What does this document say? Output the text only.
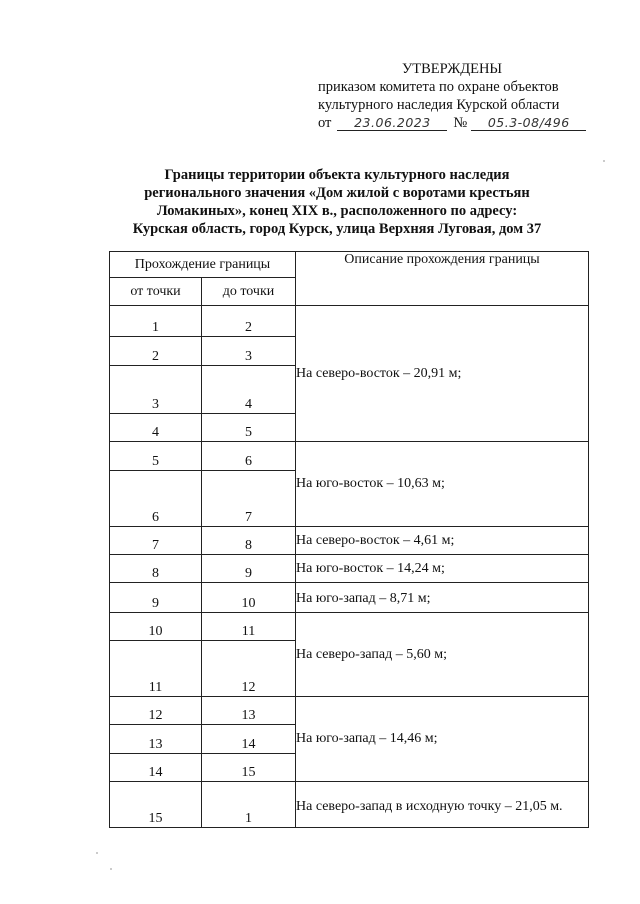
УТВЕРЖДЕНЫ
приказом комитета по охране объектов
культурного наследия Курской области
от	23.06.2023	№	05.3-08/496
Границы территории объекта культурного наследия
регионального значения «Дом жилой с воротами крестьян
Ломакиных», конец XIX в., расположенного по адресу:
Курская область, город Курск, улица Верхняя Луговая, дом 37
Прохождение границы		Описание прохождения границы
от точки	до точки	
1	2	На северо-восток – 20,91 м;
2	3	
3	4	
4	5	
5	6	На юго-восток – 10,63 м;
6	7	
7	8	На северо-восток – 4,61 м;
8	9	На юго-восток – 14,24 м;
9	10	На юго-запад – 8,71 м;
10	11	На северо-запад – 5,60 м;
11	12	
12	13	На юго-запад – 14,46 м;
13	14	
14	15	
15	1	На северо-запад в исходную точку – 21,05 м.
